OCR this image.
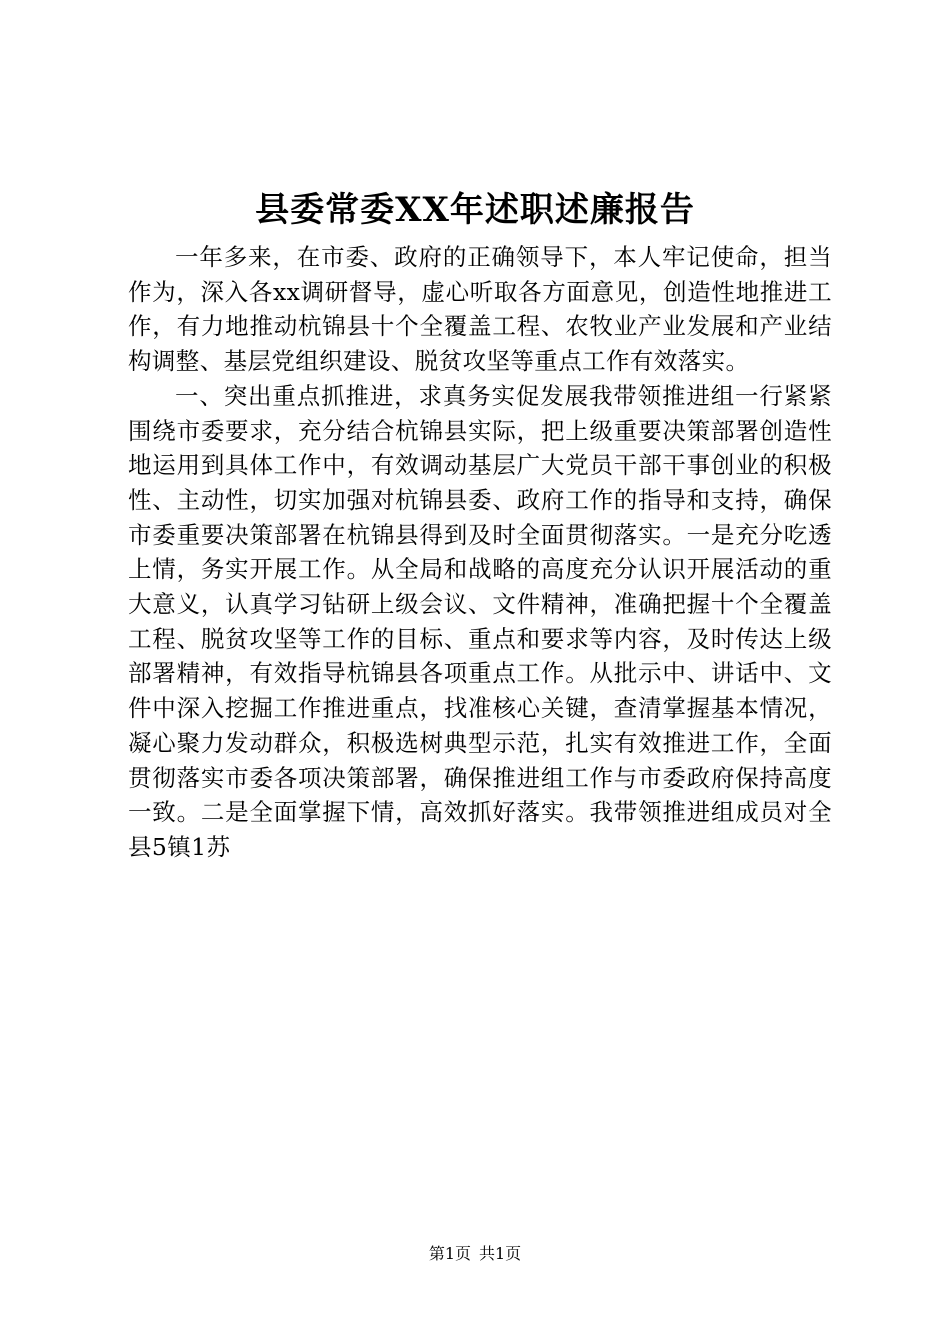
县委常委XX年述职述廉报告

一年多来，在市委、政府的正确领导下，本人牢记使命，担当作为，深入各xx调研督导，虚心听取各方面意见，创造性地推进工作，有力地推动杭锦县十个全覆盖工程、农牧业产业发展和产业结构调整、基层党组织建设、脱贫攻坚等重点工作有效落实。

一、突出重点抓推进，求真务实促发展我带领推进组一行紧紧围绕市委要求，充分结合杭锦县实际，把上级重要决策部署创造性地运用到具体工作中，有效调动基层广大党员干部干事创业的积极性、主动性，切实加强对杭锦县委、政府工作的指导和支持，确保市委重要决策部署在杭锦县得到及时全面贯彻落实。一是充分吃透上情，务实开展工作。从全局和战略的高度充分认识开展活动的重大意义，认真学习钻研上级会议、文件精神，准确把握十个全覆盖工程、脱贫攻坚等工作的目标、重点和要求等内容，及时传达上级部署精神，有效指导杭锦县各项重点工作。从批示中、讲话中、文件中深入挖掘工作推进重点，找准核心关键，查清掌握基本情况，凝心聚力发动群众，积极选树典型示范，扎实有效推进工作，全面贯彻落实市委各项决策部署，确保推进组工作与市委政府保持高度一致。二是全面掌握下情，高效抓好落实。我带领推进组成员对全县5镇1苏

第1页 共1页
